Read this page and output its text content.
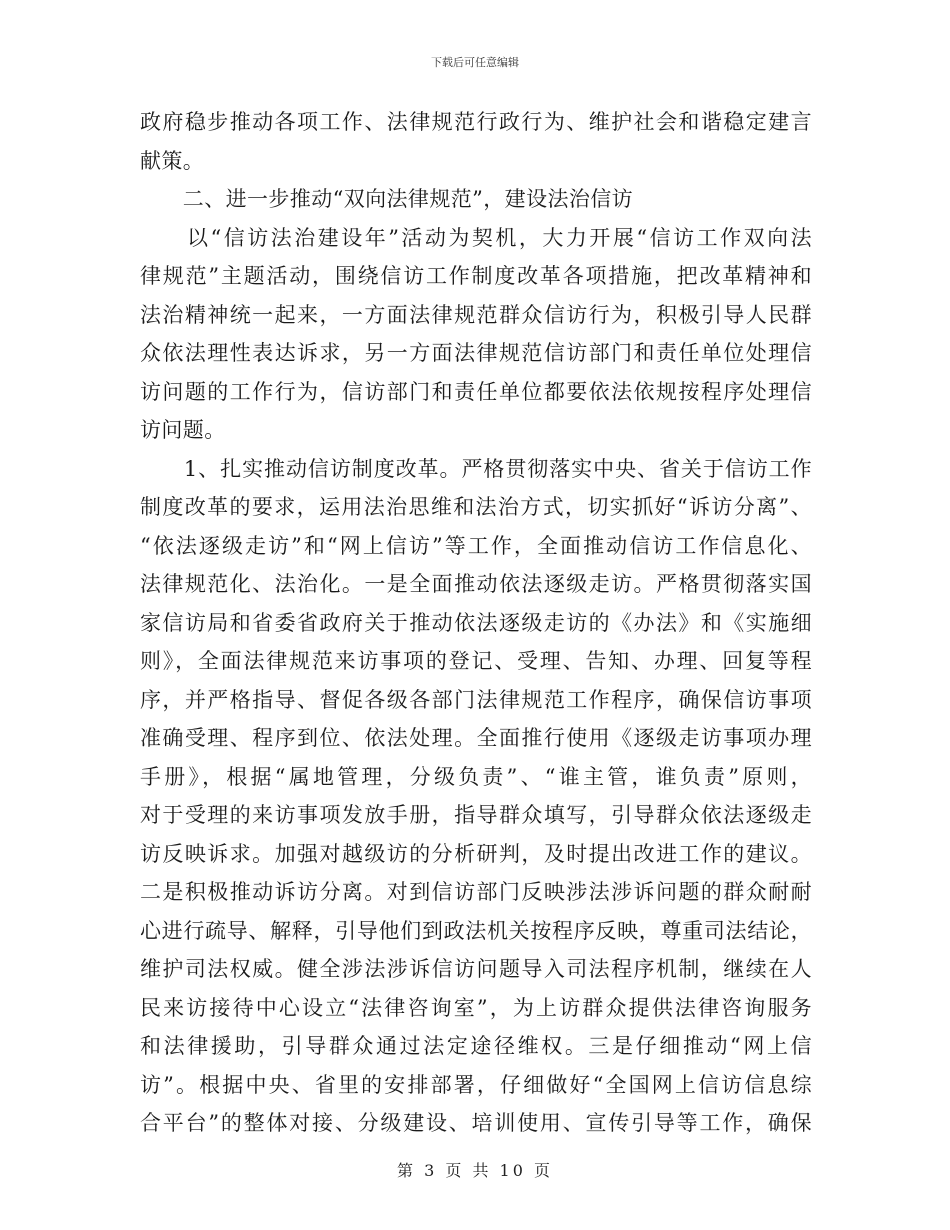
下载后可任意编辑
政府稳步推动各项工作、法律规范行政行为、维护社会和谐稳定建言
献策。
　　二、进一步推动“双向法律规范”，建设法治信访
　　以“信访法治建设年”活动为契机，大力开展“信访工作双向法
律规范”主题活动，围绕信访工作制度改革各项措施，把改革精神和
法治精神统一起来，一方面法律规范群众信访行为，积极引导人民群
众依法理性表达诉求，另一方面法律规范信访部门和责任单位处理信
访问题的工作行为，信访部门和责任单位都要依法依规按程序处理信
访问题。
　　1、扎实推动信访制度改革。严格贯彻落实中央、省关于信访工作
制度改革的要求，运用法治思维和法治方式，切实抓好“诉访分离”、
“依法逐级走访”和“网上信访”等工作，全面推动信访工作信息化、
法律规范化、法治化。一是全面推动依法逐级走访。严格贯彻落实国
家信访局和省委省政府关于推动依法逐级走访的《办法》和《实施细
则》，全面法律规范来访事项的登记、受理、告知、办理、回复等程
序，并严格指导、督促各级各部门法律规范工作程序，确保信访事项
准确受理、程序到位、依法处理。全面推行使用《逐级走访事项办理
手册》，根据“属地管理，分级负责”、“谁主管，谁负责”原则，
对于受理的来访事项发放手册，指导群众填写，引导群众依法逐级走
访反映诉求。加强对越级访的分析研判，及时提出改进工作的建议。
二是积极推动诉访分离。对到信访部门反映涉法涉诉问题的群众耐耐
心进行疏导、解释，引导他们到政法机关按程序反映，尊重司法结论，
维护司法权威。健全涉法涉诉信访问题导入司法程序机制，继续在人
民来访接待中心设立“法律咨询室”，为上访群众提供法律咨询服务
和法律援助，引导群众通过法定途径维权。三是仔细推动“网上信
访”。根据中央、省里的安排部署，仔细做好“全国网上信访信息综
合平台”的整体对接、分级建设、培训使用、宣传引导等工作，确保
第 3 页 共 10 页
